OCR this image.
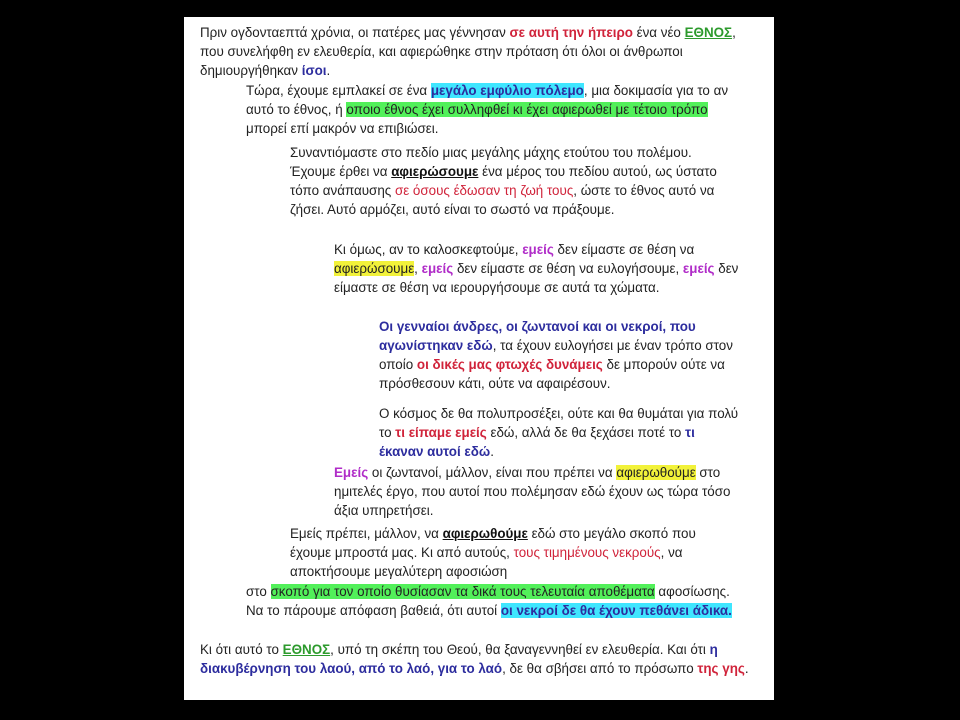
Πριν ογδονταεπτά χρόνια, οι πατέρες μας γέννησαν σε αυτή την ήπειρο ένα νέο ΕΘΝΟΣ, που συνελήφθη εν ελευθερία, και αφιερώθηκε στην πρόταση ότι όλοι οι άνθρωποι δημιουργήθηκαν ίσοι.

Τώρα, έχουμε εμπλακεί σε ένα μεγάλο εμφύλιο πόλεμο, μια δοκιμασία για το αν αυτό το έθνος, ή οποιο έθνος έχει συλληφθεί κι έχει αφιερωθεί με τέτοιο τρόπο μπορεί επί μακρόν να επιβιώσει.

Συναντιόμαστε στο πεδίο μιας μεγάλης μάχης ετούτου του πολέμου. Έχουμε έρθει να αφιερώσουμε ένα μέρος του πεδίου αυτού, ως ύστατο τόπο ανάπαυσης σε όσους έδωσαν τη ζωή τους, ώστε το έθνος αυτό να ζήσει. Αυτό αρμόζει, αυτό είναι το σωστό να πράξουμε.

Κι όμως, αν το καλοσκεφτούμε, εμείς δεν είμαστε σε θέση να αφιερώσουμε, εμείς δεν είμαστε σε θέση να ευλογήσουμε, εμείς δεν είμαστε σε θέση να ιερουργήσουμε σε αυτά τα χώματα.

Οι γενναίοι άνδρες, οι ζωντανοί και οι νεκροί, που αγωνίστηκαν εδώ, τα έχουν ευλογήσει με έναν τρόπο στον οποίο οι δικές μας φτωχές δυνάμεις δε μπορούν ούτε να πρόσθεσουν κάτι, ούτε να αφαιρέσουν.

Ο κόσμος δε θα πολυπροσέξει, ούτε και θα θυμάται για πολύ το τι είπαμε εμείς εδώ, αλλά δε θα ξεχάσει ποτέ το τι έκαναν αυτοί εδώ.

Εμείς οι ζωντανοί, μάλλον, είναι που πρέπει να αφιερωθούμε στο ημιτελές έργο, που αυτοί που πολέμησαν εδώ έχουν ως τώρα τόσο άξια υπηρετήσει.

Εμείς πρέπει, μάλλον, να αφιερωθούμε εδώ στο μεγάλο σκοπό που έχουμε μπροστά μας. Κι από αυτούς, τους τιμημένους νεκρούς, να αποκτήσουμε μεγαλύτερη αφοσιώση

στο σκοπό για τον οποίο θυσίασαν τα δικά τους τελευταία αποθέματα αφοσίωσης. Να το πάρουμε απόφαση βαθειά, ότι αυτοί οι νεκροί δε θα έχουν πεθάνει άδικα.

Κι ότι αυτό το ΕΘΝΟΣ, υπό τη σκέπη του Θεού, θα ξαναγεννηθεί εν ελευθερία. Και ότι η διακυβέρνηση του λαού, από το λαό, για το λαό, δε θα σβήσει από το πρόσωπο της γης.
